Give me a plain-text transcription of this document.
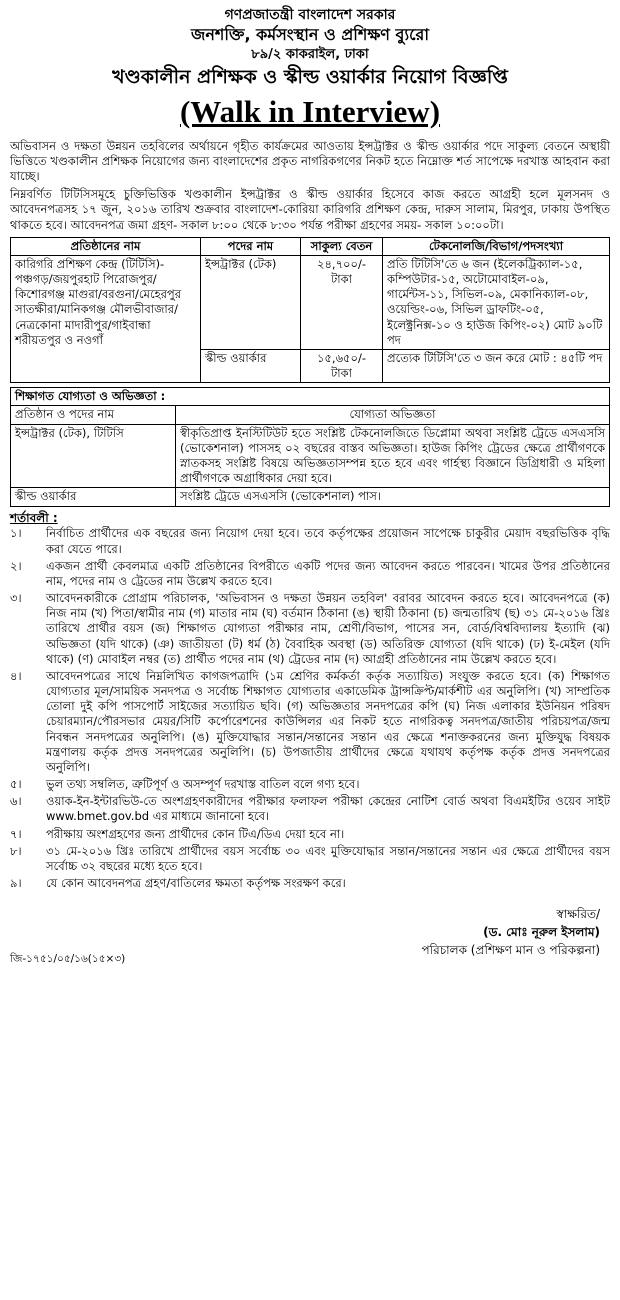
গণপ্রজাতন্ত্রী বাংলাদেশ সরকার
জনশক্তি, কর্মসংস্থান ও প্রশিক্ষণ ব্যুরো
৮৯/২ কাকরাইল, ঢাকা
খণ্ডকালীন প্রশিক্ষক ও স্কীল্ড ওয়ার্কার নিয়োগ বিজ্ঞপ্তি
(Walk in Interview)

অভিবাসন ও দক্ষতা উন্নয়ন তহবিলের অর্থায়নে গৃহীত কার্যক্রমের আওতায় ইন্সট্রাক্টর ও স্কীল্ড ওয়ার্কার পদে সাকুল্য বেতনে অস্থায়ী ভিত্তিতে খণ্ডকালীন প্রশিক্ষক নিয়োগের জন্য বাংলাদেশের প্রকৃত নাগরিকগণের নিকট হতে নিম্নোক্ত শর্ত সাপেক্ষে দরখাস্ত আহবান করা যাচ্ছে।

নিম্নবর্ণিত টিটিসিসমূহে চুক্তিভিত্তিক খণ্ডকালীন ইন্সট্রাক্টর ও স্কীল্ড ওয়ার্কার হিসেবে কাজ করতে আগ্রহী হলে মূলসনদ ও আবেদনপত্রসহ ১৭ জুন, ২০১৬ তারিখ শুক্রবার বাংলাদেশ-কোরিয়া কারিগরি প্রশিক্ষণ কেন্দ্র, দারুস সালাম, মিরপুর, ঢাকায় উপস্থিত থাকতে হবে। আবেদনপত্র জমা গ্রহণ- সকাল ৮:০০ থেকে ৮:৩০ পর্যন্ত পরীক্ষা গ্রহণের সময়- সকাল ১০:০০টা।

প্রতিষ্ঠানের নাম	পদের নাম	সাকুল্য বেতন	টেকনোলজি/বিভাগ/পদসংখ্যা
কারিগরি প্রশিক্ষণ কেন্দ্র (টিটিসি)- পঞ্চগড়/জয়পুরহাট পিরোজপুর/কিশোরগঞ্জ মাগুরা/বরগুনা/মেহেরপুর সাতক্ষীরা/মানিকগঞ্জ মৌলভীবাজার/নেত্রকোনা মাদারীপুর/গাইবান্ধা শরীয়তপুর ও নওগাঁ	ইন্সট্রাক্টর (টেক)	২৪,৭০০/- টাকা	প্রতি টিটিসি'তে ৬ জন (ইলেকট্রিক্যাল-১৫, কম্পিউটার-১৫, অটোমোবাইল-০৯, গার্মেন্টস-১১, সিভিল-০৯, মেকানিক্যাল-০৮, ওয়েল্ডিং-০৬, সিভিল ড্রাফটিং-০৫, ইলেক্ট্রনিক্স-১০ ও হাউজ কিপিং-০২) মোট ৯০টি পদ
	স্কীল্ড ওয়ার্কার	১৫,৬৫০/- টাকা	প্রত্যেক টিটিসি'তে ৩ জন করে মোট : ৪৫টি পদ
শিক্ষাগত যোগ্যতা ও অভিজ্ঞতা :	
প্রতিষ্ঠান ও পদের নাম	যোগ্যতা অভিজ্ঞতা
ইন্সট্রাক্টর (টেক), টিটিসি	স্বীকৃতিপ্রাপ্ত ইনস্টিটিউট হতে সংশ্লিষ্ট টেকনোলজিতে ডিপ্লোমা অথবা সংশ্লিষ্ট ট্রেডে এসএসসি (ভোকেশনাল) পাসসহ ০২ বছরের বাস্তব অভিজ্ঞতা। হাউজ কিপিং ট্রেডের ক্ষেত্রে প্রার্থীগণকে স্নাতকসহ সংশ্লিষ্ট বিষয়ে অভিজ্ঞতাসম্পন্ন হতে হবে এবং গার্হস্থ্য বিজ্ঞানে ডিগ্রিধারী ও মহিলা প্রার্থীগণকে অগ্রাধিকার দেয়া হবে।
স্কীল্ড ওয়ার্কার	সংশ্লিষ্ট ট্রেডে এসএসসি (ভোকেশনাল) পাস।
শর্তাবলী :
১।	নির্বাচিত প্রার্থীদের এক বছরের জন্য নিয়োগ দেয়া হবে। তবে কর্তৃপক্ষের প্রয়োজন সাপেক্ষে চাকুরীর মেয়াদ বছরভিত্তিক বৃদ্ধি করা যেতে পারে।
২।	একজন প্রার্থী কেবলমাত্র একটি প্রতিষ্ঠানের বিপরীতে একটি পদের জন্য আবেদন করতে পারবেন। খামের উপর প্রতিষ্ঠানের নাম, পদের নাম ও ট্রেডের নাম উল্লেখ করতে হবে।
৩।	আবেদনকারীকে প্রোগ্রাম পরিচালক, 'অভিবাসন ও দক্ষতা উন্নয়ন তহবিল' বরাবর আবেদন করতে হবে। আবেদনপত্রে (ক) নিজ নাম (খ) পিতা/স্বামীর নাম (গ) মাতার নাম (ঘ) বর্তমান ঠিকানা (ঙ) স্থায়ী ঠিকানা (চ) জন্মতারিখ (ছ) ৩১ মে-২০১৬ খ্রিঃ তারিখে প্রার্থীর বয়স (জ) শিক্ষাগত যোগ্যতা পরীক্ষার নাম, শ্রেণী/বিভাগ, পাসের সন, বোর্ড/বিশ্ববিদ্যালয় ইত্যাদি (ঝ) অভিজ্ঞতা (যদি থাকে) (ঞ) জাতীয়তা (ট) ধর্ম (ঠ) বৈবাহিক অবস্থা (ড) অতিরিক্ত যোগ্যতা (যদি থাকে) (ঢ) ই-মেইল (যদি থাকে) (ণ) মোবাইল নম্বর (ত) প্রার্থীত পদের নাম (থ) ট্রেডের নাম (দ) আগ্রহী প্রতিষ্ঠানের নাম উল্লেখ করতে হবে।
৪।	আবেদনপত্রের সাথে নিম্নলিখিত কাগজপত্রাদি (১ম শ্রেণির কর্মকর্তা কর্তৃক সত্যায়িত) সংযুক্ত করতে হবে। (ক) শিক্ষাগত যোগ্যতার মূল/সাময়িক সনদপত্র ও সর্বোচ্চ শিক্ষাগত যোগ্যতার একাডেমিক ট্রান্সক্রিপ্ট/মার্কশীট এর অনুলিপি। (খ) সাম্প্রতিক তোলা দুই কপি পাসপোর্ট সাইজের সত্যায়িত ছবি। (গ) অভিজ্ঞতার সনদপত্রের কপি (ঘ) নিজ এলাকার ইউনিয়ন পরিষদ চেয়ারম্যান/পৌরসভার মেয়র/সিটি কর্পোরেশনের কাউন্সিলর এর নিকট হতে নাগরিকত্ব সনদপত্র/জাতীয় পরিচয়পত্র/জন্ম নিবন্ধন সনদপত্রের অনুলিপি। (ঙ) মুক্তিযোদ্ধার সন্তান/সন্তানের সন্তান এর ক্ষেত্রে শনাক্তকরনের জন্য মুক্তিযুদ্ধ বিষয়ক মন্ত্রণালয় কর্তৃক প্রদত্ত সনদপত্রের অনুলিপি। (চ) উপজাতীয় প্রার্থীদের ক্ষেত্রে যথাযথ কর্তৃপক্ষ কর্তৃক প্রদত্ত সনদপত্রের অনুলিপি।
৫।	ভুল তথ্য সম্বলিত, ত্রুটিপূর্ণ ও অসম্পূর্ণ দরখাস্ত বাতিল বলে গণ্য হবে।
৬।	ওয়াক-ইন-ইন্টারভিউ-তে অংশগ্রহণকারীদের পরীক্ষার ফলাফল পরীক্ষা কেন্দ্রের নোটিশ বোর্ড অথবা বিএমইটির ওয়েব সাইট www.bmet.gov.bd এর মাধ্যমে জানানো হবে।
৭।	পরীক্ষায় অংশগ্রহণের জন্য প্রার্থীদের কোন টিএ/ডিএ দেয়া হবে না।
৮।	৩১ মে-২০১৬ খ্রিঃ তারিখে প্রার্থীদের বয়স সর্বোচ্চ ৩০ এবং মুক্তিযোদ্ধার সন্তান/সন্তানের সন্তান এর ক্ষেত্রে প্রার্থীদের বয়স সর্বোচ্চ ৩২ বছরের মধ্যে হতে হবে।
৯।	যে কোন আবেদনপত্র গ্রহণ/বাতিলের ক্ষমতা কর্তৃপক্ষ সংরক্ষণ করে।
স্বাক্ষরিত/
(ড. মোঃ নূরুল ইসলাম)
পরিচালক (প্রশিক্ষণ মান ও পরিকল্পনা)
জি-১৭৫১/০৫/১৬(১৫×৩)
